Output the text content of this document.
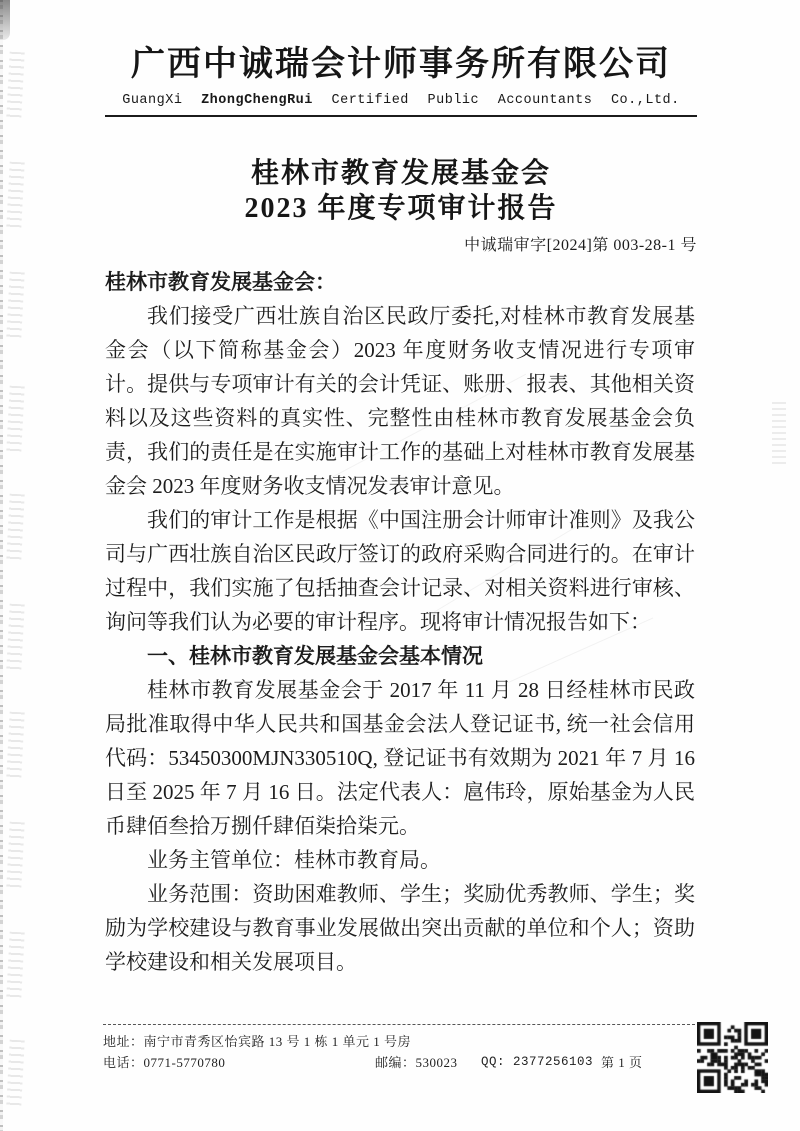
广西中诚瑞会计师事务所有限公司
GuangXi ZhongChengRui Certified Public Accountants Co.,Ltd.
桂林市教育发展基金会
2023 年度专项审计报告
中诚瑞审字[2024]第 003-28-1 号

桂林市教育发展基金会：

我们接受广西壮族自治区民政厅委托,对桂林市教育发展基金会（以下简称基金会）2023 年度财务收支情况进行专项审计。提供与专项审计有关的会计凭证、账册、报表、其他相关资料以及这些资料的真实性、完整性由桂林市教育发展基金会负责，我们的责任是在实施审计工作的基础上对桂林市教育发展基金会 2023 年度财务收支情况发表审计意见。

我们的审计工作是根据《中国注册会计师审计准则》及我公司与广西壮族自治区民政厅签订的政府采购合同进行的。在审计过程中，我们实施了包括抽查会计记录、对相关资料进行审核、询问等我们认为必要的审计程序。现将审计情况报告如下：

一、桂林市教育发展基金会基本情况

桂林市教育发展基金会于 2017 年 11 月 28 日经桂林市民政局批准取得中华人民共和国基金会法人登记证书, 统一社会信用代码：53450300MJN330510Q, 登记证书有效期为 2021 年 7 月 16 日至 2025 年 7 月 16 日。法定代表人：扈伟玲，原始基金为人民币肆佰叁拾万捌仟肆佰柒拾柒元。

业务主管单位：桂林市教育局。

业务范围：资助困难教师、学生；奖励优秀教师、学生；奖励为学校建设与教育事业发展做出突出贡献的单位和个人；资助学校建设和相关发展项目。

地址：南宁市青秀区怡宾路 13 号 1 栋 1 单元 1 号房
电话：0771-5770780	邮编：530023 QQ: 2377256103 第 1 页
